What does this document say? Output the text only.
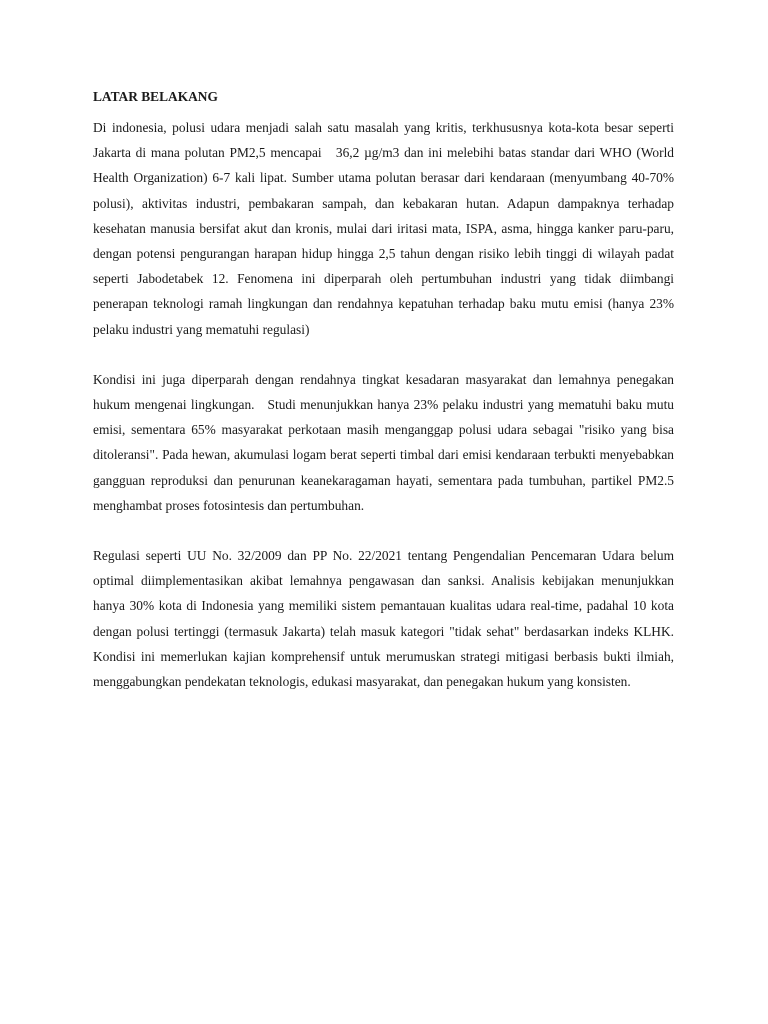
LATAR BELAKANG

Di indonesia, polusi udara menjadi salah satu masalah yang kritis, terkhususnya kota-kota besar seperti Jakarta di mana polutan PM2,5 mencapai   36,2 µg/m3 dan ini melebihi batas standar dari WHO (World Health Organization) 6-7 kali lipat. Sumber utama polutan berasar dari kendaraan (menyumbang 40-70% polusi), aktivitas industri, pembakaran sampah, dan kebakaran hutan. Adapun dampaknya terhadap kesehatan manusia bersifat akut dan kronis, mulai dari iritasi mata, ISPA, asma, hingga kanker paru-paru, dengan potensi pengurangan harapan hidup hingga 2,5 tahun dengan risiko lebih tinggi di wilayah padat seperti Jabodetabek 12. Fenomena ini diperparah oleh pertumbuhan industri yang tidak diimbangi penerapan teknologi ramah lingkungan dan rendahnya kepatuhan terhadap baku mutu emisi (hanya 23% pelaku industri yang mematuhi regulasi)

Kondisi ini juga diperparah dengan rendahnya tingkat kesadaran masyarakat dan lemahnya penegakan hukum mengenai lingkungan.   Studi menunjukkan hanya 23% pelaku industri yang mematuhi baku mutu emisi, sementara 65% masyarakat perkotaan masih menganggap polusi udara sebagai "risiko yang bisa ditoleransi". Pada hewan, akumulasi logam berat seperti timbal dari emisi kendaraan terbukti menyebabkan gangguan reproduksi dan penurunan keanekaragaman hayati, sementara pada tumbuhan, partikel PM2.5 menghambat proses fotosintesis dan pertumbuhan.

Regulasi seperti UU No. 32/2009 dan PP No. 22/2021 tentang Pengendalian Pencemaran Udara belum optimal diimplementasikan akibat lemahnya pengawasan dan sanksi. Analisis kebijakan menunjukkan hanya 30% kota di Indonesia yang memiliki sistem pemantauan kualitas udara real-time, padahal 10 kota dengan polusi tertinggi (termasuk Jakarta) telah masuk kategori "tidak sehat" berdasarkan indeks KLHK. Kondisi ini memerlukan kajian komprehensif untuk merumuskan strategi mitigasi berbasis bukti ilmiah, menggabungkan pendekatan teknologis, edukasi masyarakat, dan penegakan hukum yang konsisten.
